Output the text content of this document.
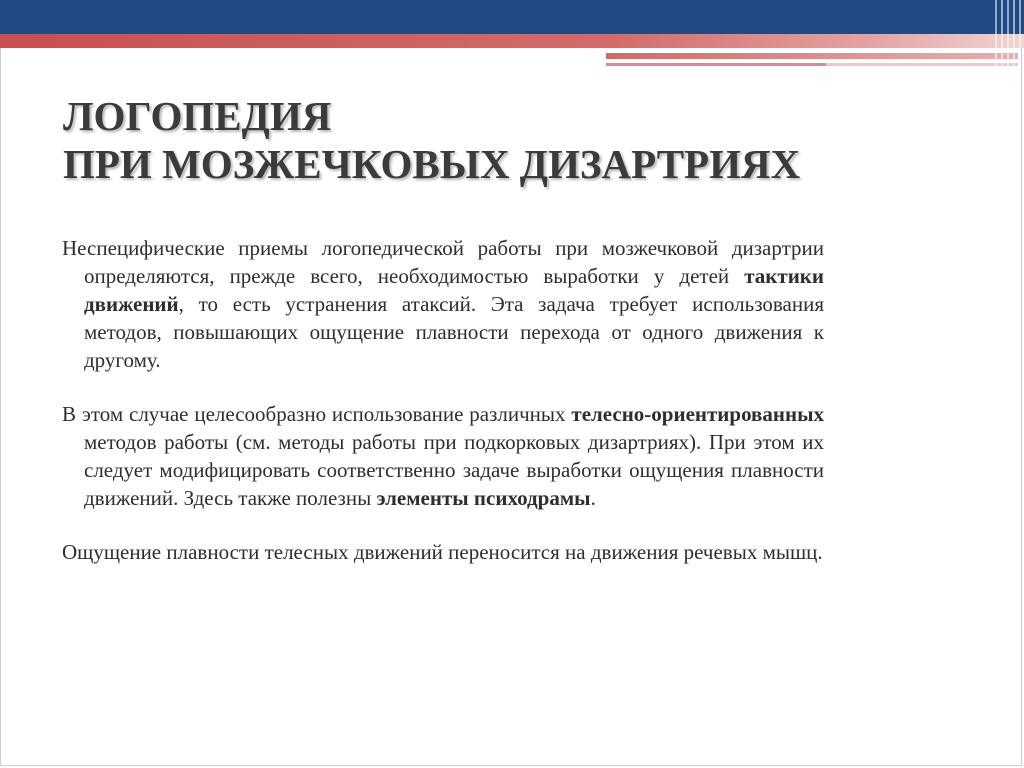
ЛОГОПЕДИЯ
ПРИ МОЗЖЕЧКОВЫХ ДИЗАРТРИЯХ

Неспецифические приемы логопедической работы при мозжечковой дизартрии определяются, прежде всего, необходимостью выработки у детей тактики движений, то есть устранения атаксий. Эта задача требует использования методов, повышающих ощущение плавности перехода от одного движения к другому.

В этом случае целесообразно использование различных телесно-ориентированных методов работы (см. методы работы при подкорковых дизартриях). При этом их следует модифицировать соответственно задаче выработки ощущения плавности движений. Здесь также полезны элементы психодрамы.

Ощущение плавности телесных движений переносится на движения речевых мышц.
